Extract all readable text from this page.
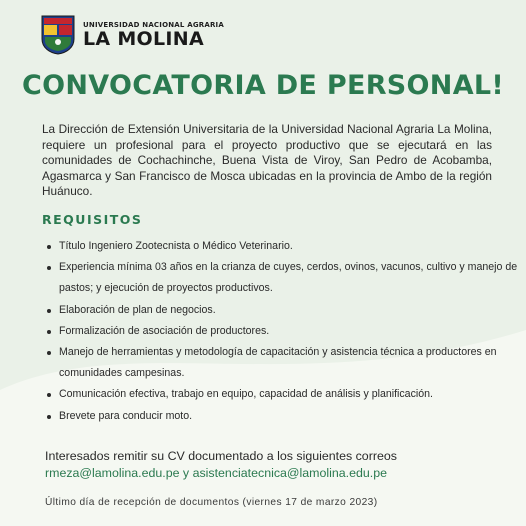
UNIVERSIDAD NACIONAL AGRARIA
LA MOLINA
CONVOCATORIA DE PERSONAL!

La Dirección de Extensión Universitaria de la Universidad Nacional Agraria La Molina, requiere un profesional para el proyecto productivo que se ejecutará en las comunidades de Cochachinche, Buena Vista de Viroy, San Pedro de Acobamba, Agasmarca y San Francisco de Mosca ubicadas en la provincia de Ambo de la región Huánuco.

REQUISITOS
Título Ingeniero Zootecnista o Médico Veterinario.
Experiencia mínima 03 años en la crianza de cuyes, cerdos, ovinos, vacunos, cultivo y manejo de pastos; y ejecución de proyectos productivos.
Elaboración de plan de negocios.
Formalización de asociación de productores.
Manejo de herramientas y metodología de capacitación y asistencia técnica a productores en comunidades campesinas.
Comunicación efectiva, trabajo en equipo, capacidad de análisis y planificación.
Brevete para conducir moto.

Interesados remitir su CV documentado a los siguientes correos
rmeza@lamolina.edu.pe y asistenciatecnica@lamolina.edu.pe

Último día de recepción de documentos (viernes 17 de marzo 2023)
